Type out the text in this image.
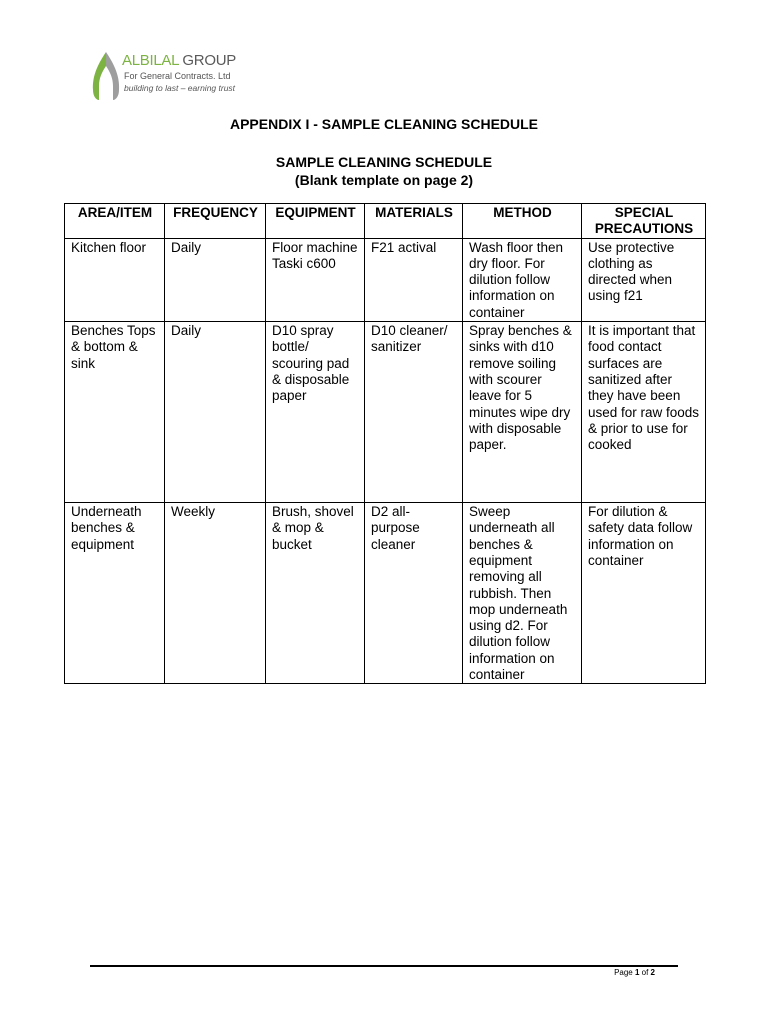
ALBILAL GROUP
For General Contracts. Ltd
building to last – earning trust
APPENDIX I - SAMPLE CLEANING SCHEDULE
SAMPLE CLEANING SCHEDULE
(Blank template on page 2)
AREA/ITEM	FREQUENCY	EQUIPMENT	MATERIALS	METHOD	SPECIAL PRECAUTIONS
Kitchen floor	Daily	Floor machine Taski c600	F21 actival	Wash floor then dry floor. For dilution follow information on container	Use protective clothing as directed when using f21
Benches Tops & bottom & sink	Daily	D10 spray bottle/ scouring pad & disposable paper	D10 cleaner/ sanitizer	Spray benches & sinks with d10 remove soiling with scourer leave for 5 minutes wipe dry with disposable paper.	It is important that food contact surfaces are sanitized after they have been used for raw foods & prior to use for cooked
Underneath benches & equipment	Weekly	Brush, shovel & mop & bucket	D2 all-purpose cleaner	Sweep underneath all benches & equipment removing all rubbish. Then mop underneath using d2. For dilution follow information on container	For dilution & safety data follow information on container
Page 1 of 2
